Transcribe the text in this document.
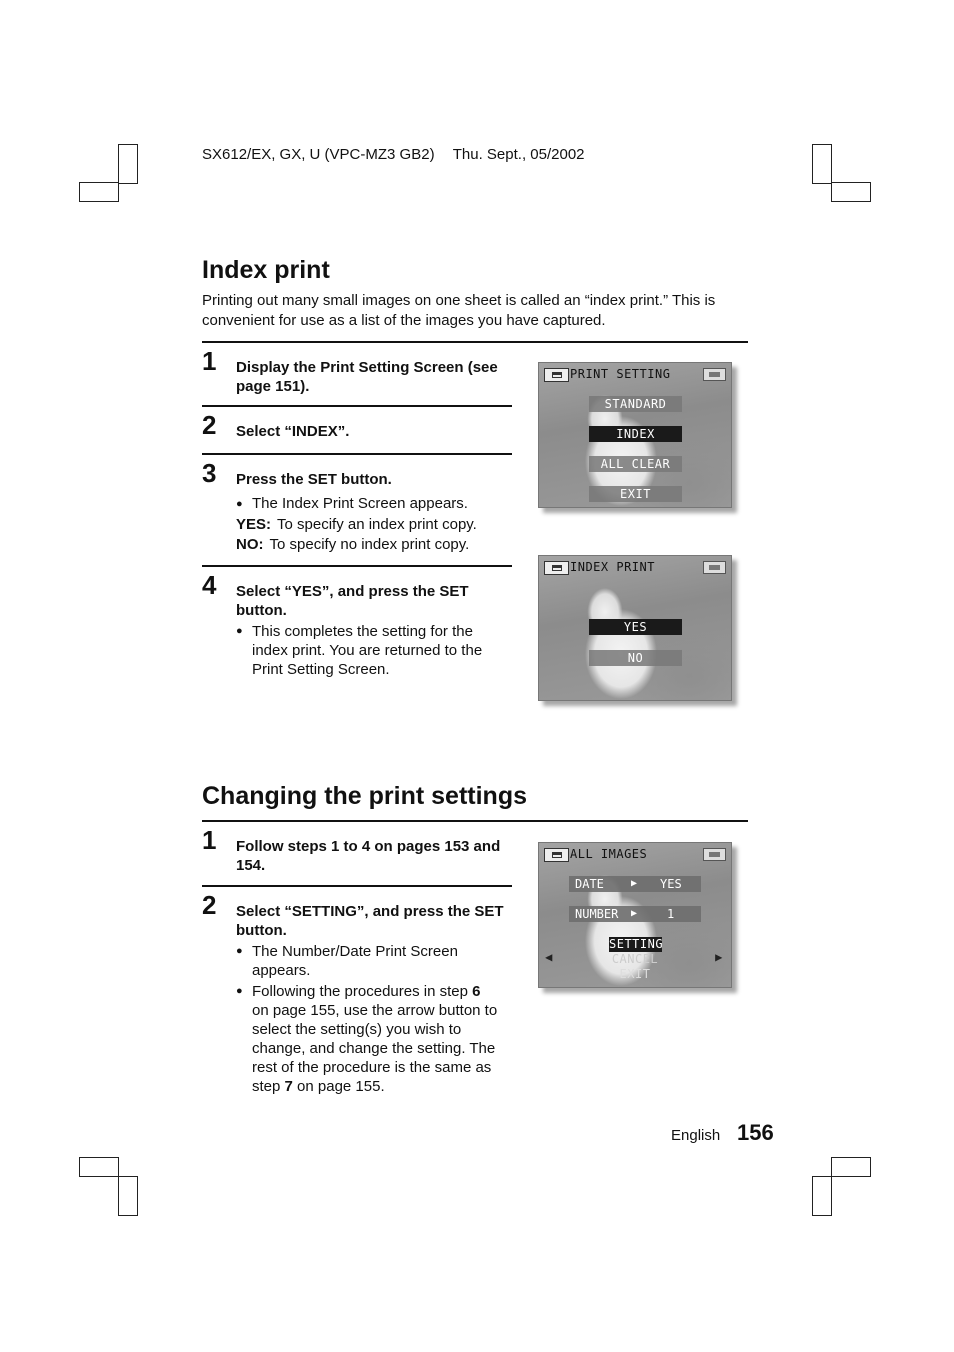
SX612/EX, GX, U (VPC-MZ3 GB2) Thu. Sept., 05/2002
Index print
Printing out many small images on one sheet is called an “index print.” This is convenient for use as a list of the images you have captured.
1 Display the Print Setting Screen (see page 151).
2 Select “INDEX”.
3 Press the SET button.
● The Index Print Screen appears.
YES: To specify an index print copy.
NO: To specify no index print copy.
4 Select “YES”, and press the SET button.
● This completes the setting for the index print. You are returned to the Print Setting Screen.
PRINT SETTING
STANDARD
INDEX
ALL CLEAR
EXIT
INDEX PRINT
YES
NO
Changing the print settings
1 Follow steps 1 to 4 on pages 153 and 154.
2 Select “SETTING”, and press the SET button.
● The Number/Date Print Screen appears.
● Following the procedures in step 6 on page 155, use the arrow button to select the setting(s) you wish to change, and change the setting. The rest of the procedure is the same as step 7 on page 155.
ALL IMAGES
DATE	▶ YES
NUMBER ▶ 1
SETTING
CANCEL
EXIT
◀	▶
English 156
